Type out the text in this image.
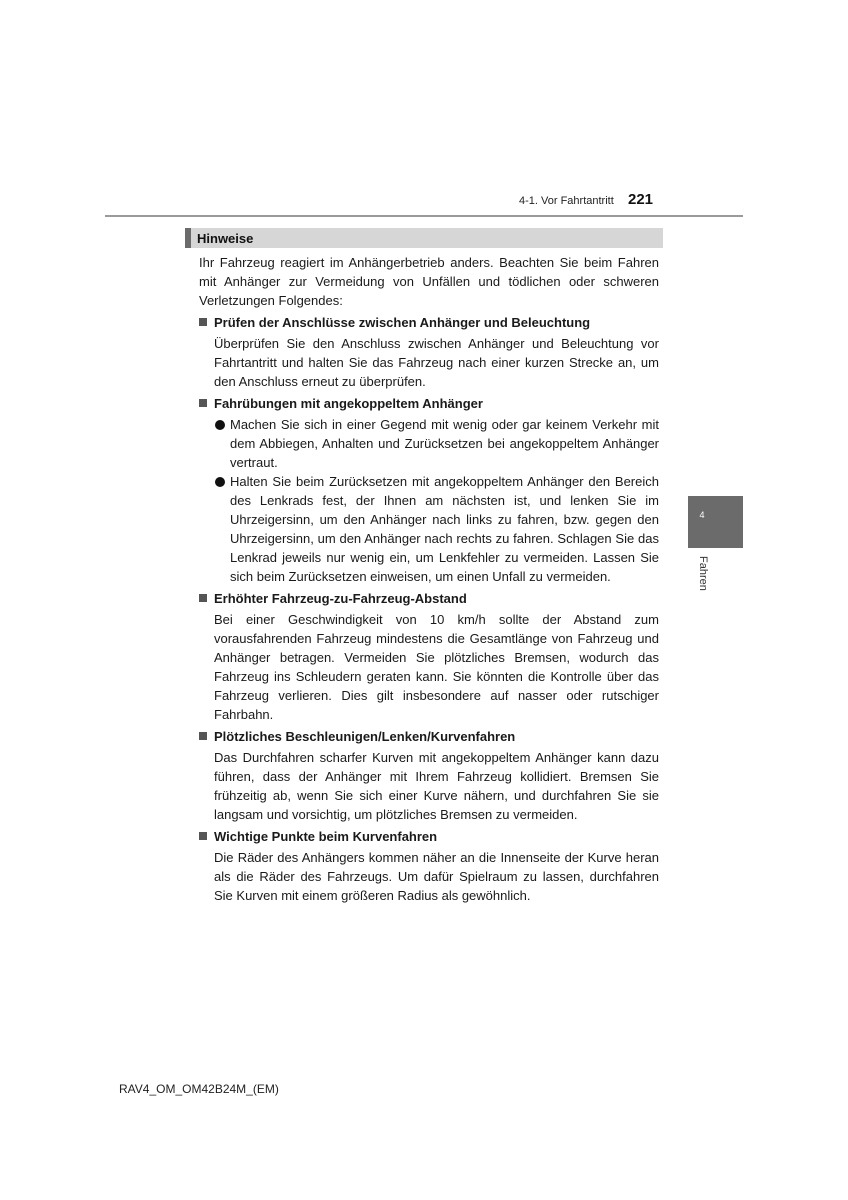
4-1. Vor Fahrtantritt 221
Hinweise

Ihr Fahrzeug reagiert im Anhängerbetrieb anders. Beachten Sie beim Fahren mit Anhänger zur Vermeidung von Unfällen und tödlichen oder schweren Verletzungen Folgendes:

Prüfen der Anschlüsse zwischen Anhänger und Beleuchtung

Überprüfen Sie den Anschluss zwischen Anhänger und Beleuchtung vor Fahrtantritt und halten Sie das Fahrzeug nach einer kurzen Strecke an, um den Anschluss erneut zu überprüfen.

Fahrübungen mit angekoppeltem Anhänger

Machen Sie sich in einer Gegend mit wenig oder gar keinem Verkehr mit dem Abbiegen, Anhalten und Zurücksetzen bei angekoppeltem Anhänger vertraut.

Halten Sie beim Zurücksetzen mit angekoppeltem Anhänger den Bereich des Lenkrads fest, der Ihnen am nächsten ist, und lenken Sie im Uhrzeigersinn, um den Anhänger nach links zu fahren, bzw. gegen den Uhrzeigersinn, um den Anhänger nach rechts zu fahren. Schlagen Sie das Lenkrad jeweils nur wenig ein, um Lenkfehler zu vermeiden. Lassen Sie sich beim Zurücksetzen einweisen, um einen Unfall zu vermeiden.

Erhöhter Fahrzeug-zu-Fahrzeug-Abstand

Bei einer Geschwindigkeit von 10 km/h sollte der Abstand zum vorausfahrenden Fahrzeug mindestens die Gesamtlänge von Fahrzeug und Anhänger betragen. Vermeiden Sie plötzliches Bremsen, wodurch das Fahrzeug ins Schleudern geraten kann. Sie könnten die Kontrolle über das Fahrzeug verlieren. Dies gilt insbesondere auf nasser oder rutschiger Fahrbahn.

Plötzliches Beschleunigen/Lenken/Kurvenfahren

Das Durchfahren scharfer Kurven mit angekoppeltem Anhänger kann dazu führen, dass der Anhänger mit Ihrem Fahrzeug kollidiert. Bremsen Sie frühzeitig ab, wenn Sie sich einer Kurve nähern, und durchfahren Sie sie langsam und vorsichtig, um plötzliches Bremsen zu vermeiden.

Wichtige Punkte beim Kurvenfahren

Die Räder des Anhängers kommen näher an die Innenseite der Kurve heran als die Räder des Fahrzeugs. Um dafür Spielraum zu lassen, durchfahren Sie Kurven mit einem größeren Radius als gewöhnlich.

4
Fahren
RAV4_OM_OM42B24M_(EM)
